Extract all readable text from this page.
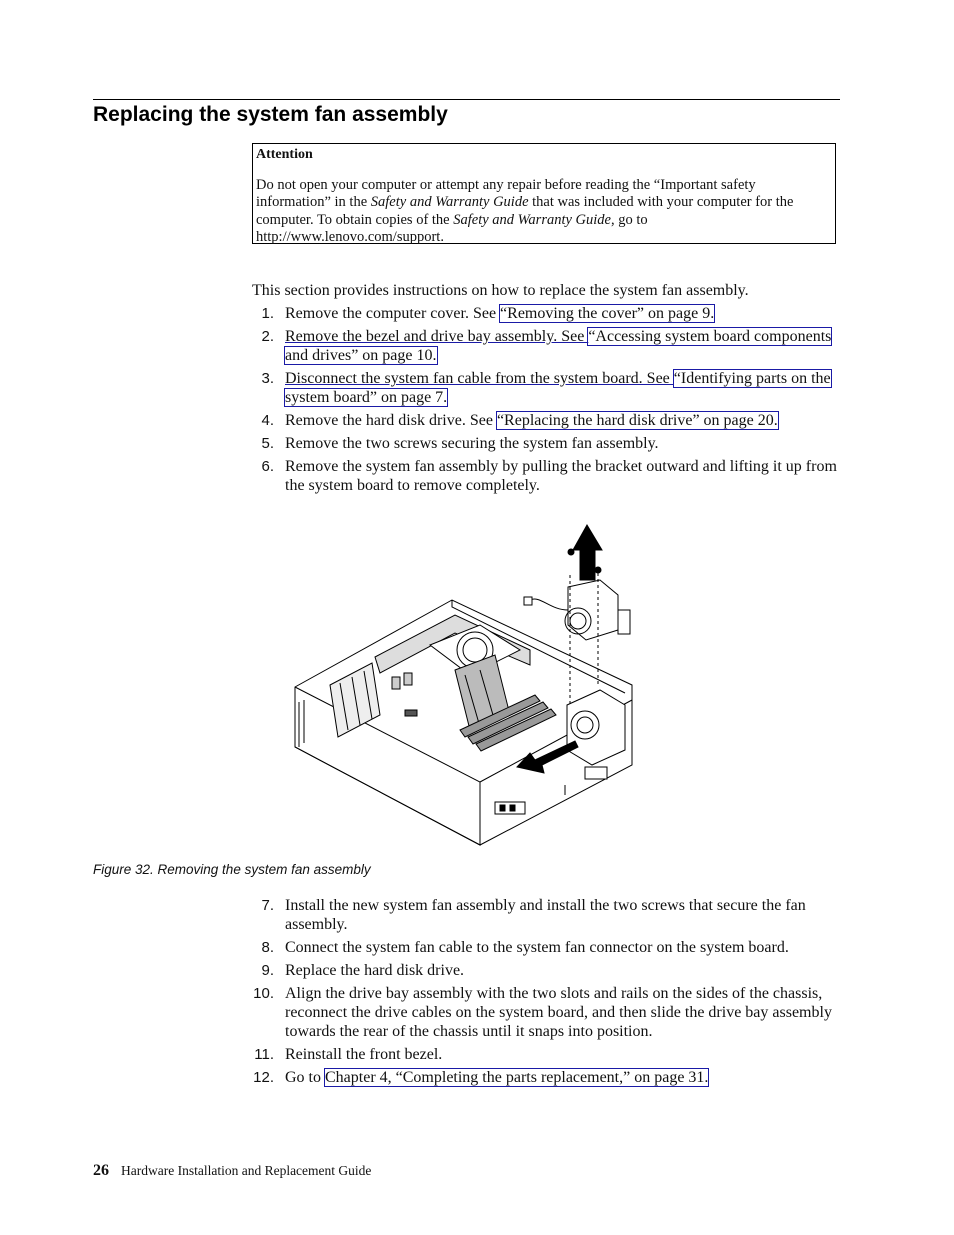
Replacing the system fan assembly
Attention

Do not open your computer or attempt any repair before reading the “Important safety information” in the Safety and Warranty Guide that was included with your computer for the computer. To obtain copies of the Safety and Warranty Guide, go to http://www.lenovo.com/support.

This section provides instructions on how to replace the system fan assembly.

1. Remove the computer cover. See “Removing the cover” on page 9.
2. Remove the bezel and drive bay assembly. See “Accessing system board components and drives” on page 10.
3. Disconnect the system fan cable from the system board. See “Identifying parts on the system board” on page 7.
4. Remove the hard disk drive. See “Replacing the hard disk drive” on page 20.
5. Remove the two screws securing the system fan assembly.
6. Remove the system fan assembly by pulling the bracket outward and lifting it up from the system board to remove completely.

Figure 32. Removing the system fan assembly

7. Install the new system fan assembly and install the two screws that secure the fan assembly.
8. Connect the system fan cable to the system fan connector on the system board.
9. Replace the hard disk drive.
10. Align the drive bay assembly with the two slots and rails on the sides of the chassis, reconnect the drive cables on the system board, and then slide the drive bay assembly towards the rear of the chassis until it snaps into position.
11. Reinstall the front bezel.
12. Go to Chapter 4, “Completing the parts replacement,” on page 31.

26 Hardware Installation and Replacement Guide
